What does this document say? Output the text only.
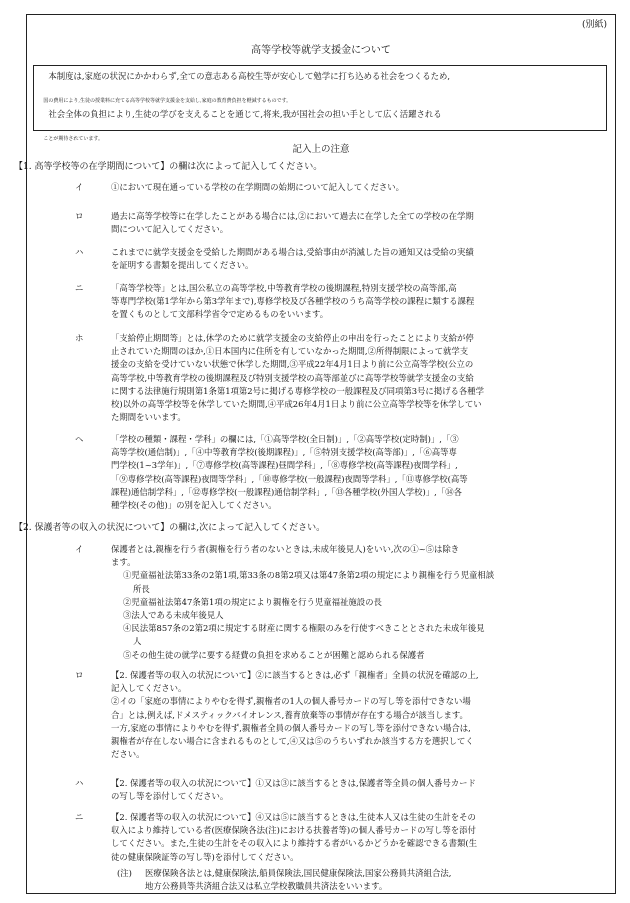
(別紙)
高等学校等就学支援金について

本制度は,家庭の状況にかかわらず,全ての意志ある高校生等が安心して勉学に打ち込める社会をつくるため,

国の費用により,生徒の授業料に充てる高等学校等就学支援金を支給し,家庭の教育費負担を軽減するものです。

社会全体の負担により,生徒の学びを支えることを通じて,将来,我が国社会の担い手として広く活躍される

ことが期待されています。

記入上の注意
【1. 高等学校等の在学期間について】の欄は次によって記入してください。
イ	①において現在通っている学校の在学期間の始期について記入してください。
ロ	過去に高等学校等に在学したことがある場合には,②において過去に在学した全ての学校の在学期
間について記入してください。
ハ	これまでに就学支援金を受給した期間がある場合は,受給事由が消滅した旨の通知又は受給の実績
を証明する書類を提出してください。
ニ	「高等学校等」とは,国公私立の高等学校,中等教育学校の後期課程,特別支援学校の高等部,高
等専門学校(第1学年から第3学年まで),専修学校及び各種学校のうち高等学校の課程に類する課程
を置くものとして文部科学省令で定めるものをいいます。
ホ	「支給停止期間等」とは,休学のために就学支援金の支給停止の申出を行ったことにより支給が停
止されていた期間のほか,①日本国内に住所を有していなかった期間,②所得制限によって就学支
援金の支給を受けていない状態で休学した期間,③平成22年4月1日より前に公立高等学校(公立の
高等学校,中等教育学校の後期課程及び特別支援学校の高等部並びに高等学校等就学支援金の支給
に関する法律施行規則第1条第1項第2号に掲げる専修学校の一般課程及び同項第3号に掲げる各種学
校)以外の高等学校等を休学していた期間,④平成26年4月1日より前に公立高等学校等を休学してい
た期間をいいます。
ヘ	「学校の種類・課程・学科」の欄には,「①高等学校(全日制)」,「②高等学校(定時制)」,「③
高等学校(通信制)」,「④中等教育学校(後期課程)」,「⑤特別支援学校(高等部)」,「⑥高等専
門学校(1~3学年)」,「⑦専修学校(高等課程)昼間学科」,「⑧専修学校(高等課程)夜間学科」,
「⑨専修学校(高等課程)夜間等学科」,「⑩専修学校(一般課程)夜間等学科」,「⑪専修学校(高等
課程)通信制学科」,「⑫専修学校(一般課程)通信制学科」,「⑬各種学校(外国人学校)」,「⑭各
種学校(その他)」の別を記入してください。
【2. 保護者等の収入の状況について】の欄は,次によって記入してください。
イ	保護者とは,親権を行う者(親権を行う者のないときは,未成年後見人)をいい,次の①~⑤は除き
ます。
①児童福祉法第33条の2第1項,第33条の8第2項又は第47条第2項の規定により親権を行う児童相談
所長
②児童福祉法第47条第1項の規定により親権を行う児童福祉施設の長
③法人である未成年後見人
④民法第857条の2第2項に規定する財産に関する権限のみを行使すべきこととされた未成年後見
人
⑤その他生徒の就学に要する経費の負担を求めることが困難と認められる保護者
ロ	【2. 保護者等の収入の状況について】②に該当するときは,必ず「親権者」全員の状況を確認の上,
記入してください。
②イの「家庭の事情によりやむを得ず,親権者の1人の個人番号カードの写し等を添付できない場
合」とは,例えば,ドメスティックバイオレンス,養育放棄等の事情が存在する場合が該当します。
一方,家庭の事情によりやむを得ず,親権者全員の個人番号カードの写し等を添付できない場合は,
親権者が存在しない場合に含まれるものとして,④又は⑤のうちいずれか該当する方を選択してく
ださい。
ハ	【2. 保護者等の収入の状況について】①又は③に該当するときは,保護者等全員の個人番号カード
の写し等を添付してください。
ニ	【2. 保護者等の収入の状況について】④又は⑤に該当するときは,生徒本人又は生徒の生計をその
収入により維持している者(医療保険各法(注)における扶養者等)の個人番号カードの写し等を添付
してください。また,生徒の生計をその収入により維持する者がいるかどうかを確認できる書類(生
徒の健康保険証等の写し等)を添付してください。
(注) 医療保険各法とは,健康保険法,船員保険法,国民健康保険法,国家公務員共済組合法,
地方公務員等共済組合法又は私立学校教職員共済法をいいます。
